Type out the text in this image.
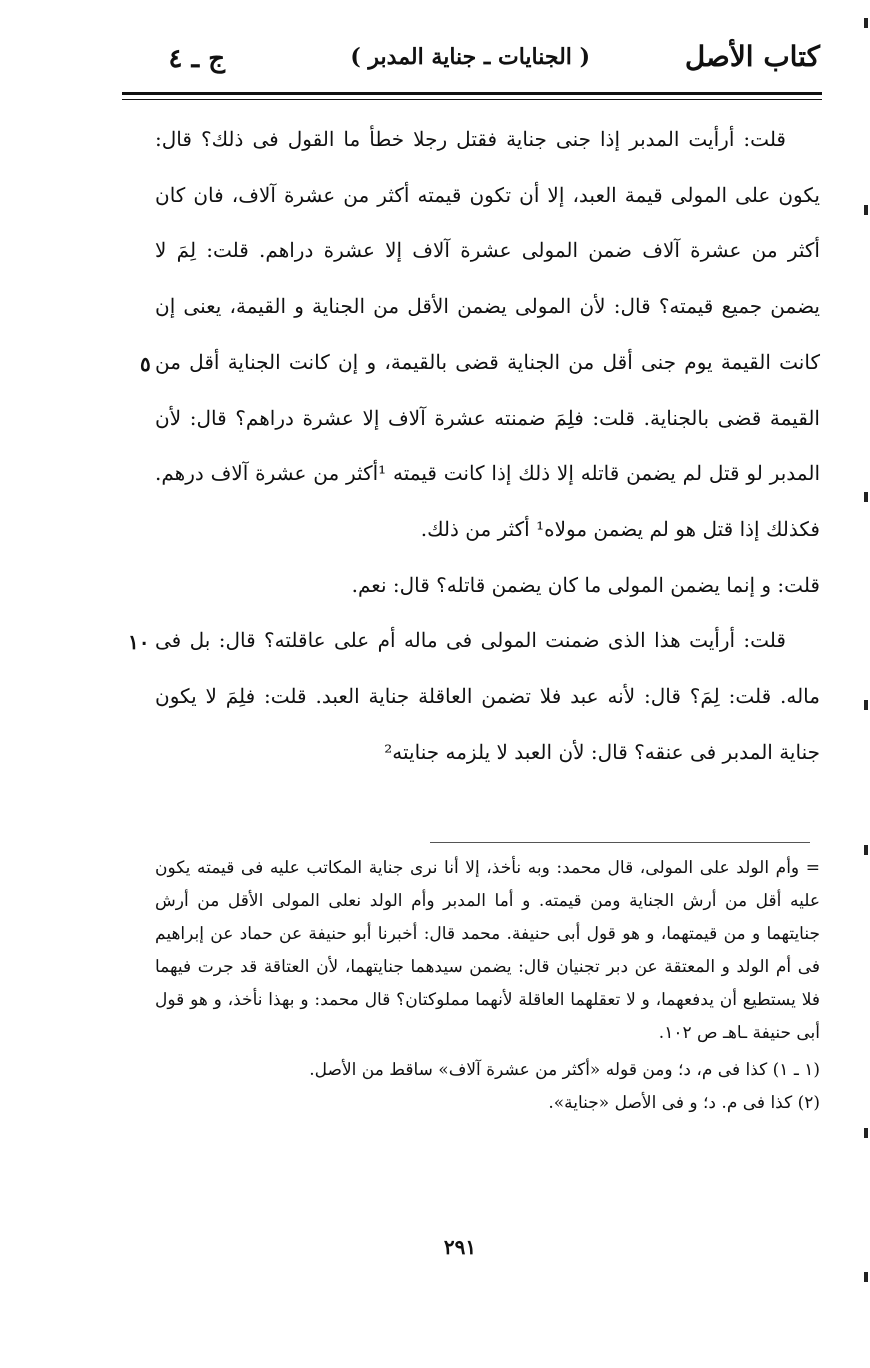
كتاب الأصل
( الجنايات ـ جناية المدبر )
ج ـ ٤

قلت: أرأيت المدبر إذا جنى جناية فقتل رجلا خطأ ما القول فى ذلك؟ قال: يكون على المولى قيمة العبد، إلا أن تكون قيمته أكثر من عشرة آلاف، فان كان أكثر من عشرة آلاف ضمن المولى عشرة آلاف إلا عشرة دراهم. قلت: لِمَ لا يضمن جميع قيمته؟ قال: لأن المولى يضمن الأقل من الجناية و القيمة، يعنى إن كانت القيمة يوم جنى أقل من الجناية قضى بالقيمة، و إن كانت الجناية أقل من القيمة قضى بالجناية. قلت: فلِمَ ضمنته عشرة آلاف إلا عشرة دراهم؟ قال: لأن المدبر لو قتل لم يضمن قاتله إلا ذلك إذا كانت قيمته ¹أكثر من عشرة آلاف درهم. فكذلك إذا قتل هو لم يضمن مولاه¹ أكثر من ذلك.

قلت: و إنما يضمن المولى ما كان يضمن قاتله؟ قال: نعم.

قلت: أرأيت هذا الذى ضمنت المولى فى ماله أم على عاقلته؟ قال: بل فى ماله. قلت: لِمَ؟ قال: لأنه عبد فلا تضمن العاقلة جناية العبد. قلت: فلِمَ لا يكون جناية المدبر فى عنقه؟ قال: لأن العبد لا يلزمه جنايته²

٥
١٠

= وأم الولد على المولى، قال محمد: وبه نأخذ، إلا أنا نرى جناية المكاتب عليه فى قيمته يكون عليه أقل من أرش الجناية ومن قيمته. و أما المدبر وأم الولد نعلى المولى الأقل من أرش جنايتهما و من قيمتهما، و هو قول أبى حنيفة. محمد قال: أخبرنا أبو حنيفة عن حماد عن إبراهيم فى أم الولد و المعتقة عن دبر تجنيان قال: يضمن سيدهما جنايتهما، لأن العتاقة قد جرت فيهما فلا يستطيع أن يدفعهما، و لا تعقلهما العاقلة لأنهما مملوكتان؟ قال محمد: و بهذا نأخذ، و هو قول أبى حنيفة ـاهـ ص ١٠٢.

(١ ـ ١) كذا فى م، د؛ ومن قوله «أكثر من عشرة آلاف» ساقط من الأصل.

(٢) كذا فى م. د؛ و فى الأصل «جناية».

٢٩١
